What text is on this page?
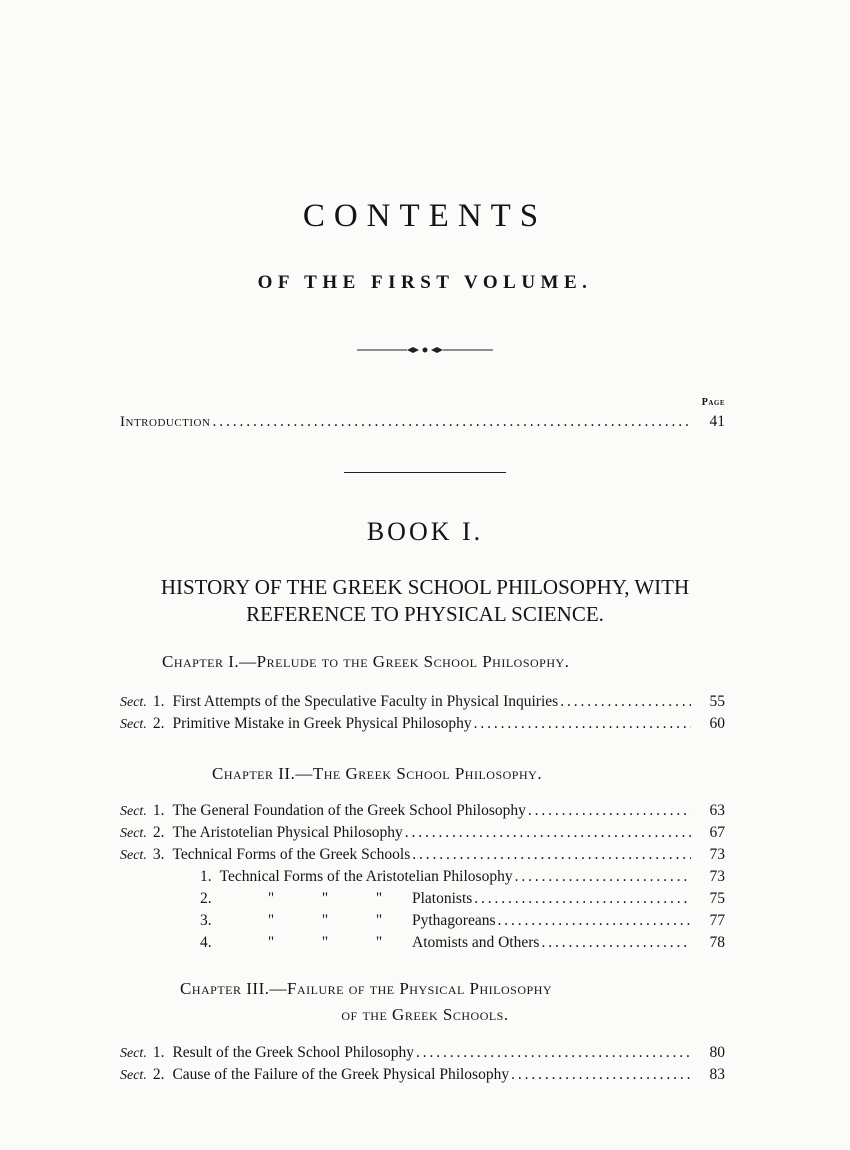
CONTENTS
OF THE FIRST VOLUME.
Page
Introduction . . .	41
BOOK I.
HISTORY OF THE GREEK SCHOOL PHILOSOPHY, WITH
REFERENCE TO PHYSICAL SCIENCE.
Chapter I.—Prelude to the Greek School Philosophy.
Sect. 1. First Attempts of the Speculative Faculty in Physical Inquiries . . .	55
Sect. 2. Primitive Mistake in Greek Physical Philosophy . . .	60
Chapter II.—The Greek School Philosophy.
Sect. 1. The General Foundation of the Greek School Philosophy . . .	63
Sect. 2. The Aristotelian Physical Philosophy . . .	67
Sect. 3. Technical Forms of the Greek Schools . . .	73
1. Technical Forms of the Aristotelian Philosophy . . .	73
2.	"	"	" Platonists . . .	75
3.	"	"	" Pythagoreans . . .	77
4.	"	"	" Atomists and Others . . .	78
Chapter III.—Failure of the Physical Philosophy
of the Greek Schools.
Sect. 1. Result of the Greek School Philosophy . . .	80
Sect. 2. Cause of the Failure of the Greek Physical Philosophy . . .	83
